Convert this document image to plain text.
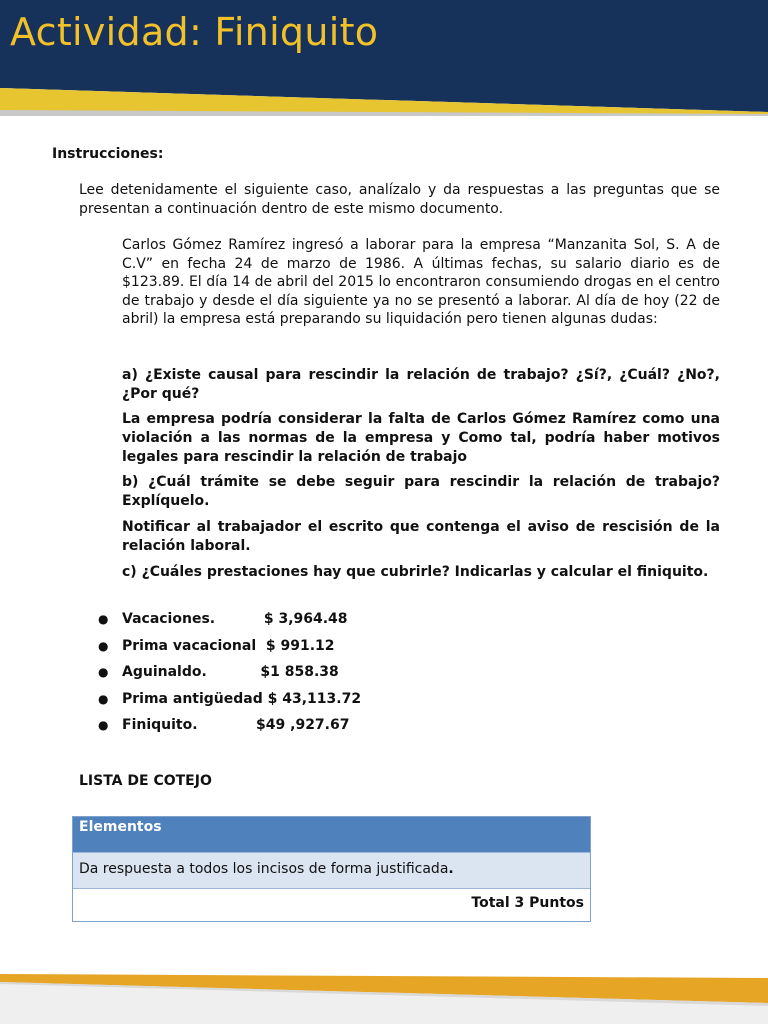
Actividad: Finiquito
Instrucciones:
Lee detenidamente el siguiente caso, analízalo y da respuestas a las preguntas que se presentan a continuación dentro de este mismo documento.
Carlos Gómez Ramírez ingresó a laborar para la empresa “Manzanita Sol, S. A de C.V” en fecha 24 de marzo de 1986. A últimas fechas, su salario diario es de $123.89. El día 14 de abril del 2015 lo encontraron consumiendo drogas en el centro de trabajo y desde el día siguiente ya no se presentó a laborar. Al día de hoy (22 de abril) la empresa está preparando su liquidación pero tienen algunas dudas:
a) ¿Existe causal para rescindir la relación de trabajo? ¿Sí?, ¿Cuál? ¿No?, ¿Por qué?
La empresa podría considerar la falta de Carlos Gómez Ramírez como una violación a las normas de la empresa y Como tal, podría haber motivos legales para rescindir la relación de trabajo
b) ¿Cuál trámite se debe seguir para rescindir la relación de trabajo? Explíquelo.
Notificar al trabajador el escrito que contenga el aviso de rescisión de la relación laboral.
c) ¿Cuáles prestaciones hay que cubrirle? Indicarlas y calcular el finiquito.
● Vacaciones.          $ 3,964.48
● Prima vacacional  $ 991.12
● Aguinaldo.           $1 858.38
● Prima antigüedad $ 43,113.72
● Finiquito.            $49 ,927.67
LISTA DE COTEJO
Elementos
Da respuesta a todos los incisos de forma justificada.
Total 3 Puntos
